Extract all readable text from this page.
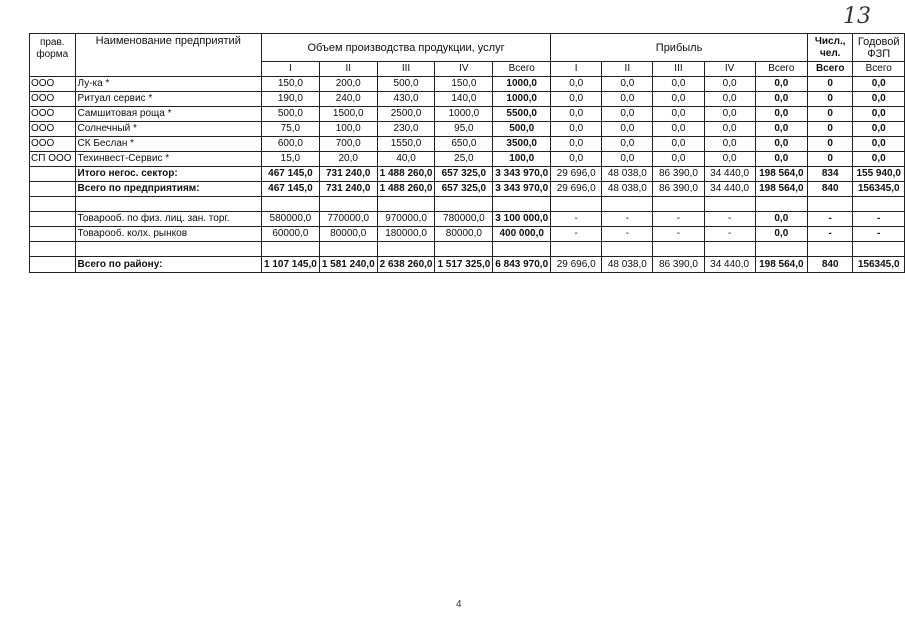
13
прав. форма	Наименование предприятий	Объем производства продукции, услуг	Прибыль	Числ., чел.	Годовой ФЗП
I	II	III	IV	Всего	I	II	III	IV	Всего	Всего	Всего
ООО	Лу-ка *	150,0	200,0	500,0	150,0	1000,0	0,0	0,0	0,0	0,0	0,0	0	0,0
ООО	Ритуал сервис *	190,0	240,0	430,0	140,0	1000,0	0,0	0,0	0,0	0,0	0,0	0	0,0
ООО	Самшитовая роща *	500,0	1500,0	2500,0	1000,0	5500,0	0,0	0,0	0,0	0,0	0,0	0	0,0
ООО	Солнечный *	75,0	100,0	230,0	95,0	500,0	0,0	0,0	0,0	0,0	0,0	0	0,0
ООО	СК Беслан *	600,0	700,0	1550,0	650,0	3500,0	0,0	0,0	0,0	0,0	0,0	0	0,0
СП ООО	Техинвест-Сервис *	15,0	20,0	40,0	25,0	100,0	0,0	0,0	0,0	0,0	0,0	0	0,0
	Итого негос. сектор:	467 145,0	731 240,0	1 488 260,0	657 325,0	3 343 970,0	29 696,0	48 038,0	86 390,0	34 440,0	198 564,0	834	155 940,0
	Всего по предприятиям:	467 145,0	731 240,0	1 488 260,0	657 325,0	3 343 970,0	29 696,0	48 038,0	86 390,0	34 440,0	198 564,0	840	156345,0

	Товарооб. по физ. лиц. зан. торг.	580000,0	770000,0	970000,0	780000,0	3 100 000,0	-	-	-	-	0,0	-	-
	Товарооб. колх. рынков	60000,0	80000,0	180000,0	80000,0	400 000,0	-	-	-	-	0,0	-	-

	Всего по району:	1 107 145,0	1 581 240,0	2 638 260,0	1 517 325,0	6 843 970,0	29 696,0	48 038,0	86 390,0	34 440,0	198 564,0	840	156345,0
4
